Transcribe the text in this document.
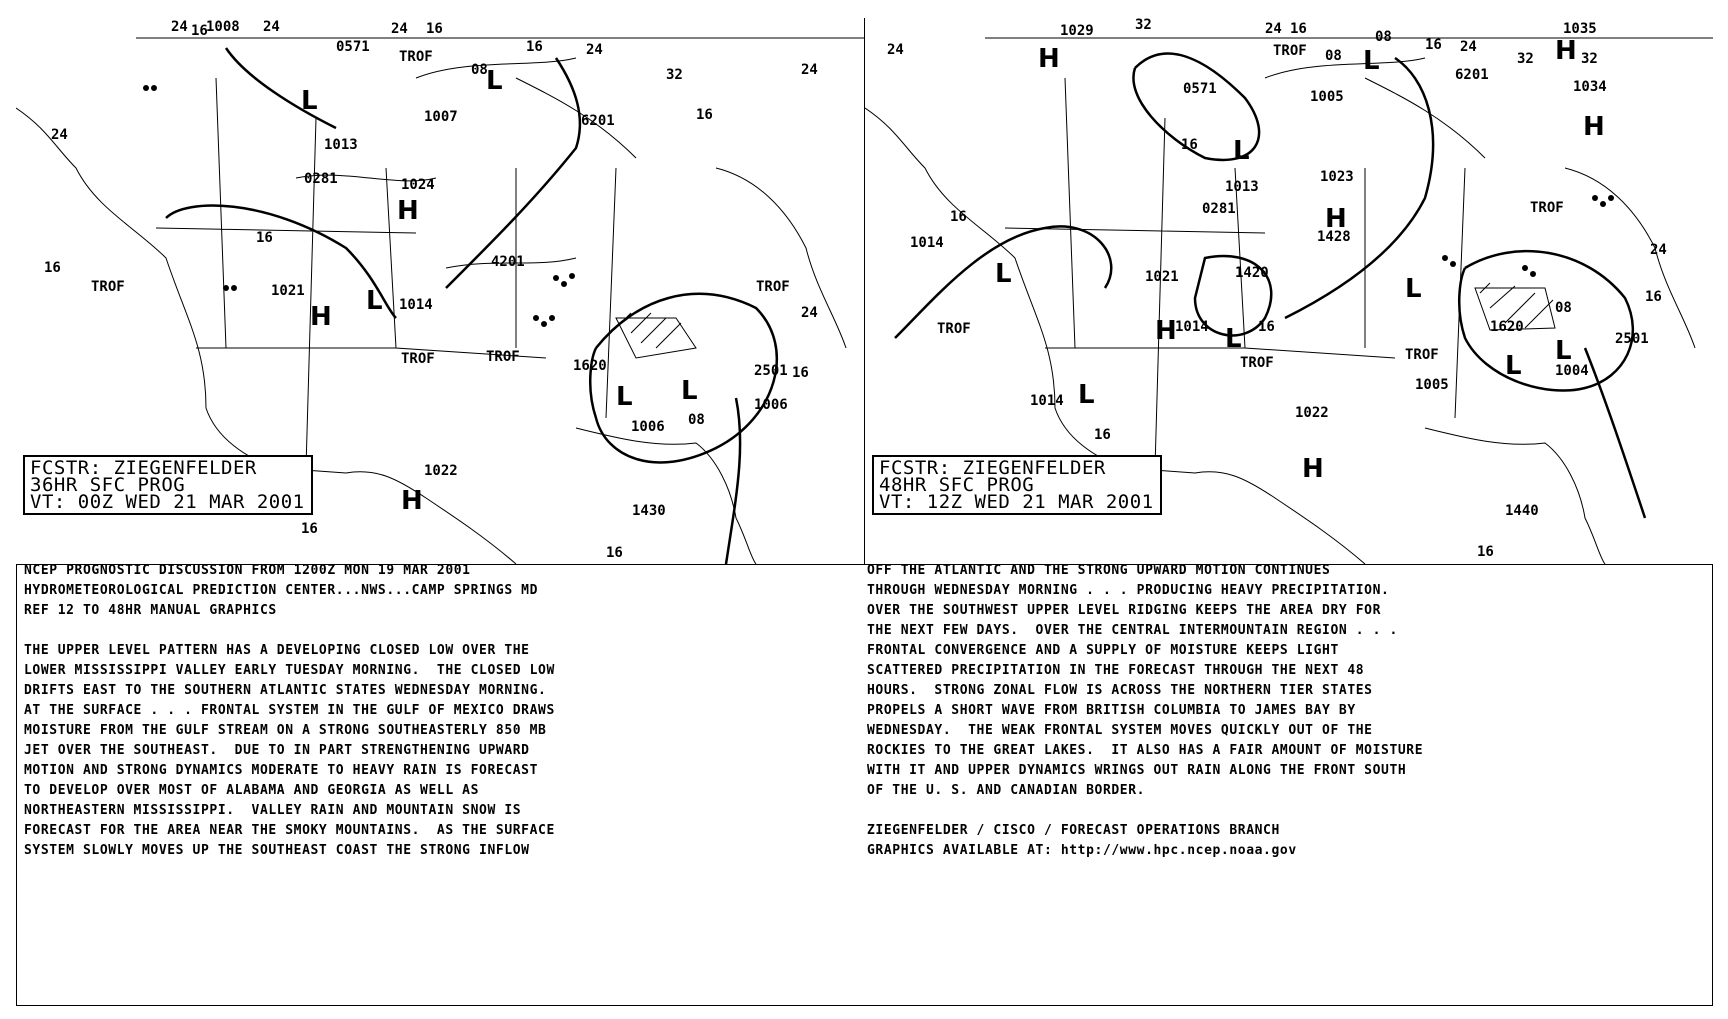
24	24	24 16
16
1008
0571
TROF
08
16	24
32	24
24
1007	6201
1013
0281	1024
16
TROF	1021
16
1014
4201
TROF	TROF
TROF
24
1620	2501 16
1006
1006 08
1022
1430
16
16
16
H
H
H
L
L
L
L L
FCSTR: ZIEGENFELDER
36HR SFC PROG
VT: 00Z WED 21 MAR 2001
24
1029	32	24 16
TROF 08
08 16 24
6201
32
1035
32
1034
0571	1005
16
1013
0281
1023
1428
16
1014
1021	1420
1014	16
TROF
TROF
1014
1022
16
TROF
TROF
24
16
08
1620
2501
1005
1004
1440
16
H
H
H
H
H
H
L
L
L
L
L
L L
L
FCSTR: ZIEGENFELDER
48HR SFC PROG
VT: 12Z WED 21 MAR 2001
NCEP PROGNOSTIC DISCUSSION FROM 1200Z MON 19 MAR 2001
HYDROMETEOROLOGICAL PREDICTION CENTER...NWS...CAMP SPRINGS MD
REF 12 TO 48HR MANUAL GRAPHICS

THE UPPER LEVEL PATTERN HAS A DEVELOPING CLOSED LOW OVER THE
LOWER MISSISSIPPI VALLEY EARLY TUESDAY MORNING.  THE CLOSED LOW
DRIFTS EAST TO THE SOUTHERN ATLANTIC STATES WEDNESDAY MORNING.
AT THE SURFACE . . . FRONTAL SYSTEM IN THE GULF OF MEXICO DRAWS
MOISTURE FROM THE GULF STREAM ON A STRONG SOUTHEASTERLY 850 MB
JET OVER THE SOUTHEAST.  DUE TO IN PART STRENGTHENING UPWARD
MOTION AND STRONG DYNAMICS MODERATE TO HEAVY RAIN IS FORECAST
TO DEVELOP OVER MOST OF ALABAMA AND GEORGIA AS WELL AS
NORTHEASTERN MISSISSIPPI.  VALLEY RAIN AND MOUNTAIN SNOW IS
FORECAST FOR THE AREA NEAR THE SMOKY MOUNTAINS.  AS THE SURFACE
SYSTEM SLOWLY MOVES UP THE SOUTHEAST COAST THE STRONG INFLOW
OFF THE ATLANTIC AND THE STRONG UPWARD MOTION CONTINUES
THROUGH WEDNESDAY MORNING . . . PRODUCING HEAVY PRECIPITATION.
OVER THE SOUTHWEST UPPER LEVEL RIDGING KEEPS THE AREA DRY FOR
THE NEXT FEW DAYS.  OVER THE CENTRAL INTERMOUNTAIN REGION . . .
FRONTAL CONVERGENCE AND A SUPPLY OF MOISTURE KEEPS LIGHT
SCATTERED PRECIPITATION IN THE FORECAST THROUGH THE NEXT 48
HOURS.  STRONG ZONAL FLOW IS ACROSS THE NORTHERN TIER STATES
PROPELS A SHORT WAVE FROM BRITISH COLUMBIA TO JAMES BAY BY
WEDNESDAY.  THE WEAK FRONTAL SYSTEM MOVES QUICKLY OUT OF THE
ROCKIES TO THE GREAT LAKES.  IT ALSO HAS A FAIR AMOUNT OF MOISTURE
WITH IT AND UPPER DYNAMICS WRINGS OUT RAIN ALONG THE FRONT SOUTH
OF THE U. S. AND CANADIAN BORDER.

ZIEGENFELDER / CISCO / FORECAST OPERATIONS BRANCH
GRAPHICS AVAILABLE AT: http://www.hpc.ncep.noaa.gov
